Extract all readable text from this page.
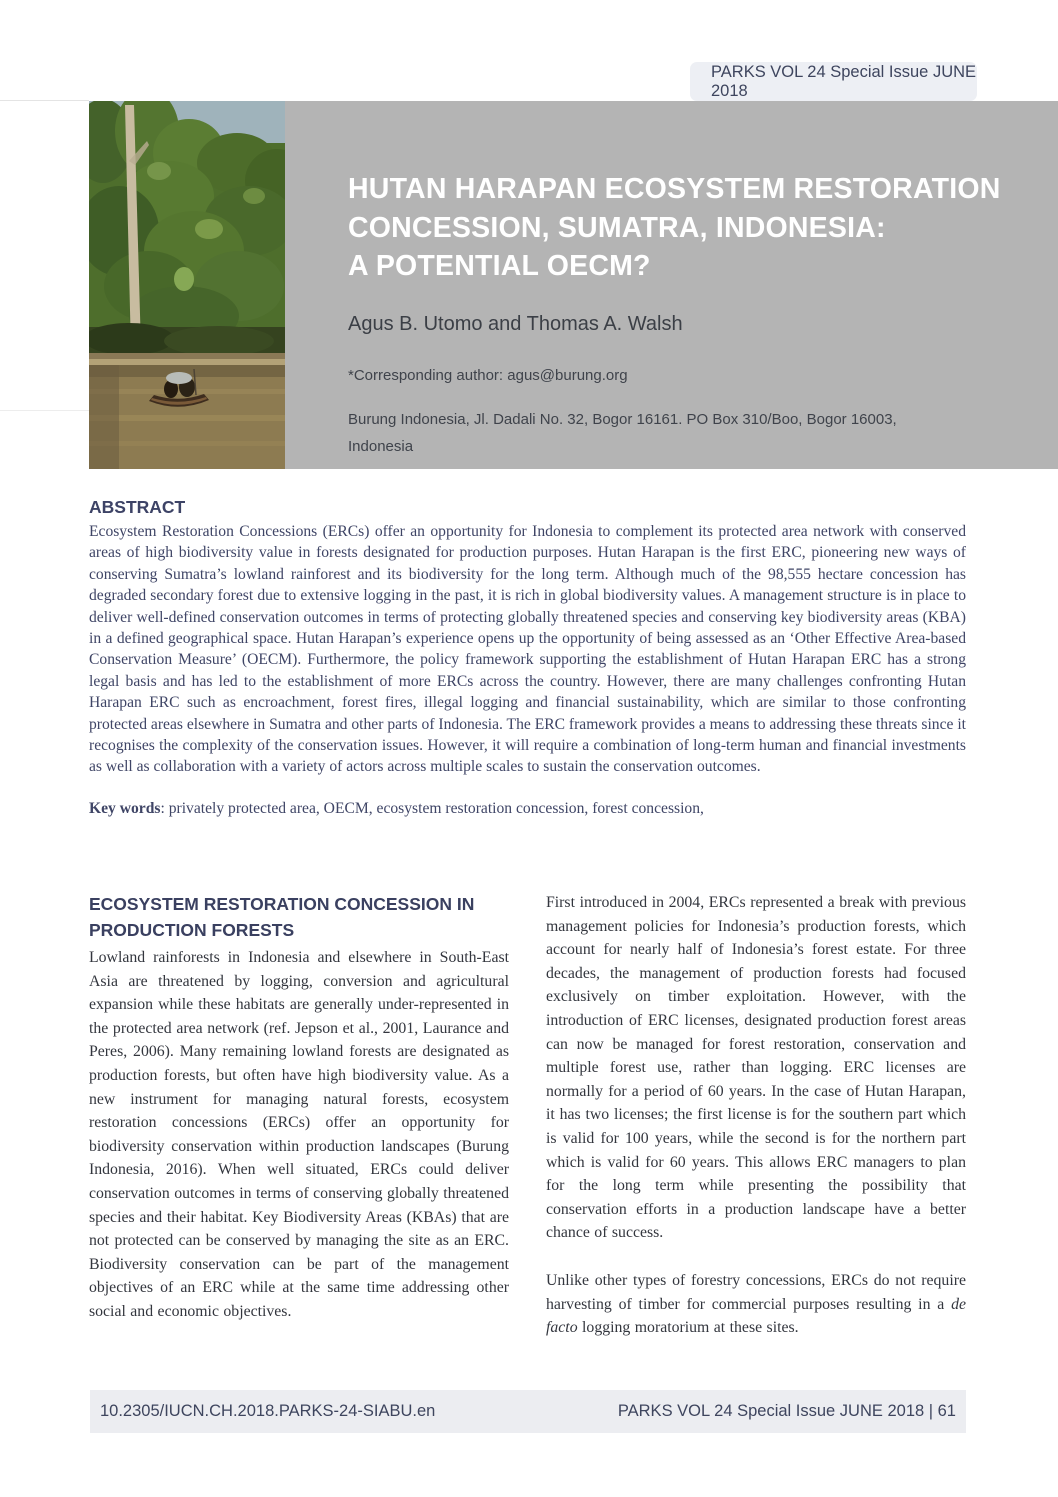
PARKS VOL 24 Special Issue JUNE 2018
HUTAN HARAPAN ECOSYSTEM RESTORATION
CONCESSION, SUMATRA, INDONESIA:
A POTENTIAL OECM?
Agus B. Utomo and Thomas A. Walsh
*Corresponding author: agus@burung.org
Burung Indonesia, Jl. Dadali No. 32, Bogor 16161. PO Box 310/Boo, Bogor 16003, Indonesia
ABSTRACT
Ecosystem Restoration Concessions (ERCs) offer an opportunity for Indonesia to complement its protected area network with conserved areas of high biodiversity value in forests designated for production purposes. Hutan Harapan is the first ERC, pioneering new ways of conserving Sumatra’s lowland rainforest and its biodiversity for the long term. Although much of the 98,555 hectare concession has degraded secondary forest due to extensive logging in the past, it is rich in global biodiversity values. A management structure is in place to deliver well-defined conservation outcomes in terms of protecting globally threatened species and conserving key biodiversity areas (KBA) in a defined geographical space. Hutan Harapan’s experience opens up the opportunity of being assessed as an ‘Other Effective Area-based Conservation Measure’ (OECM). Furthermore, the policy framework supporting the establishment of Hutan Harapan ERC has a strong legal basis and has led to the establishment of more ERCs across the country. However, there are many challenges confronting Hutan Harapan ERC such as encroachment, forest fires, illegal logging and financial sustainability, which are similar to those confronting protected areas elsewhere in Sumatra and other parts of Indonesia. The ERC framework provides a means to addressing these threats since it recognises the complexity of the conservation issues. However, it will require a combination of long-term human and financial investments as well as collaboration with a variety of actors across multiple scales to sustain the conservation outcomes.
Key words: privately protected area, OECM, ecosystem restoration concession, forest concession,
ECOSYSTEM RESTORATION CONCESSION IN PRODUCTION FORESTS
Lowland rainforests in Indonesia and elsewhere in South-East Asia are threatened by logging, conversion and agricultural expansion while these habitats are generally under-represented in the protected area network (ref. Jepson et al., 2001, Laurance and Peres, 2006). Many remaining lowland forests are designated as production forests, but often have high biodiversity value. As a new instrument for managing natural forests, ecosystem restoration concessions (ERCs) offer an opportunity for biodiversity conservation within production landscapes (Burung Indonesia, 2016). When well situated, ERCs could deliver conservation outcomes in terms of conserving globally threatened species and their habitat. Key Biodiversity Areas (KBAs) that are not protected can be conserved by managing the site as an ERC. Biodiversity conservation can be part of the management objectives of an ERC while at the same time addressing other social and economic objectives.
First introduced in 2004, ERCs represented a break with previous management policies for Indonesia’s production forests, which account for nearly half of Indonesia’s forest estate. For three decades, the management of production forests had focused exclusively on timber exploitation. However, with the introduction of ERC licenses, designated production forest areas can now be managed for forest restoration, conservation and multiple forest use, rather than logging. ERC licenses are normally for a period of 60 years. In the case of Hutan Harapan, it has two licenses; the first license is for the southern part which is valid for 100 years, while the second is for the northern part which is valid for 60 years. This allows ERC managers to plan for the long term while presenting the possibility that conservation efforts in a production landscape have a better chance of success.
Unlike other types of forestry concessions, ERCs do not require harvesting of timber for commercial purposes resulting in a de facto logging moratorium at these sites.
10.2305/IUCN.CH.2018.PARKS-24-SIABU.en	PARKS VOL 24 Special Issue JUNE 2018 | 61
